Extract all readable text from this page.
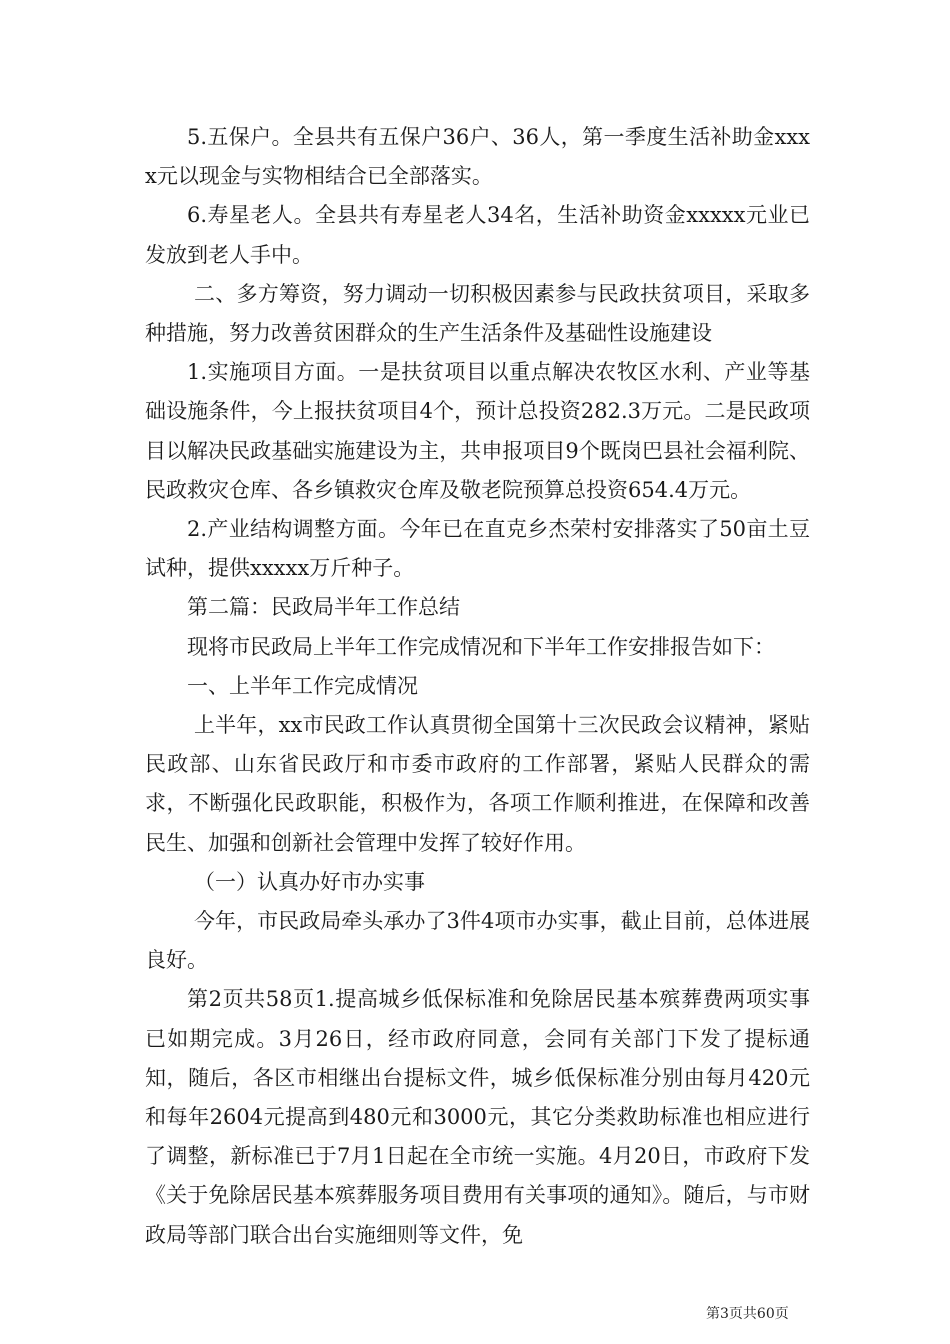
5.五保户。全县共有五保户36户、36人，第一季度生活补助金xxxx元以现金与实物相结合已全部落实。

6.寿星老人。全县共有寿星老人34名，生活补助资金xxxxx元业已发放到老人手中。

二、多方筹资，努力调动一切积极因素参与民政扶贫项目，采取多种措施，努力改善贫困群众的生产生活条件及基础性设施建设

1.实施项目方面。一是扶贫项目以重点解决农牧区水利、产业等基础设施条件，今上报扶贫项目4个，预计总投资282.3万元。二是民政项目以解决民政基础实施建设为主，共申报项目9个既岗巴县社会福利院、民政救灾仓库、各乡镇救灾仓库及敬老院预算总投资654.4万元。

2.产业结构调整方面。今年已在直克乡杰荣村安排落实了50亩土豆试种，提供xxxxx万斤种子。

第二篇：民政局半年工作总结

现将市民政局上半年工作完成情况和下半年工作安排报告如下：

一、上半年工作完成情况

上半年，xx市民政工作认真贯彻全国第十三次民政会议精神，紧贴民政部、山东省民政厅和市委市政府的工作部署，紧贴人民群众的需求，不断强化民政职能，积极作为，各项工作顺利推进，在保障和改善民生、加强和创新社会管理中发挥了较好作用。

（一）认真办好市办实事

今年，市民政局牵头承办了3件4项市办实事，截止目前，总体进展良好。

第2页共58页1.提高城乡低保标准和免除居民基本殡葬费两项实事已如期完成。3月26日，经市政府同意，会同有关部门下发了提标通知，随后，各区市相继出台提标文件，城乡低保标准分别由每月420元和每年2604元提高到480元和3000元，其它分类救助标准也相应进行了调整，新标准已于7月1日起在全市统一实施。4月20日，市政府下发《关于免除居民基本殡葬服务项目费用有关事项的通知》。随后，与市财政局等部门联合出台实施细则等文件，免

第3页共60页
